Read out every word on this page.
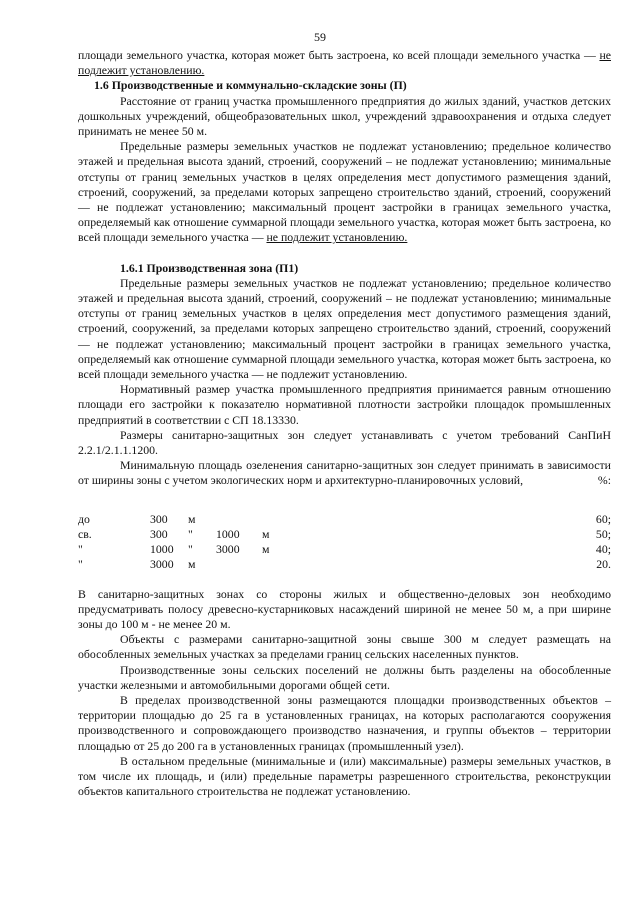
59

площади земельного участка, которая может быть застроена, ко всей площади земельного участка — не подлежит установлению.

1.6 Производственные и коммунально-складские зоны (П)

Расстояние от границ участка промышленного предприятия до жилых зданий, участков детских дошкольных учреждений, общеобразовательных школ, учреждений здравоохранения и отдыха следует принимать не менее 50 м.

Предельные размеры земельных участков не подлежат установлению; предельное количество этажей и предельная высота зданий, строений, сооружений – не подлежат установлению; минимальные отступы от границ земельных участков в целях определения мест допустимого размещения зданий, строений, сооружений, за пределами которых запрещено строительство зданий, строений, сооружений — не подлежат установлению; максимальный процент застройки в границах земельного участка, определяемый как отношение суммарной площади земельного участка, которая может быть застроена, ко всей площади земельного участка — не подлежит установлению.

1.6.1 Производственная зона (П1)

Предельные размеры земельных участков не подлежат установлению; предельное количество этажей и предельная высота зданий, строений, сооружений – не подлежат установлению; минимальные отступы от границ земельных участков в целях определения мест допустимого размещения зданий, строений, сооружений, за пределами которых запрещено строительство зданий, строений, сооружений — не подлежат установлению; максимальный процент застройки в границах земельного участка, определяемый как отношение суммарной площади земельного участка, которая может быть застроена, ко всей площади земельного участка — не подлежит установлению.

Нормативный размер участка промышленного предприятия принимается равным отношению площади его застройки к показателю нормативной плотности застройки площадок промышленных предприятий в соответствии с СП 18.13330.

Размеры санитарно-защитных зон следует устанавливать с учетом требований СанПиН 2.2.1/2.1.1.1200.

Минимальную площадь озеленения санитарно-защитных зон следует принимать в зависимости от ширины зоны с учетом экологических норм и архитектурно-планировочных условий,	%:

до	300	м				60;
св.	300	"	1000	м		50;
"	1000	"	3000	м		40;
"	3000	м				20.

В санитарно-защитных зонах со стороны жилых и общественно-деловых зон необходимо предусматривать полосу древесно-кустарниковых насаждений шириной не менее 50 м, а при ширине зоны до 100 м - не менее 20 м.

Объекты с размерами санитарно-защитной зоны свыше 300 м следует размещать на обособленных земельных участках за пределами границ сельских населенных пунктов.

Производственные зоны сельских поселений не должны быть разделены на обособленные участки железными и автомобильными дорогами общей сети.

В пределах производственной зоны размещаются площадки производственных объектов – территории площадью до 25 га в установленных границах, на которых располагаются сооружения производственного и сопровождающего производство назначения, и группы объектов – территории площадью от 25 до 200 га в установленных границах (промышленный узел).

В остальном предельные (минимальные и (или) максимальные) размеры земельных участков, в том числе их площадь, и (или) предельные параметры разрешенного строительства, реконструкции объектов капитального строительства не подлежат установлению.
